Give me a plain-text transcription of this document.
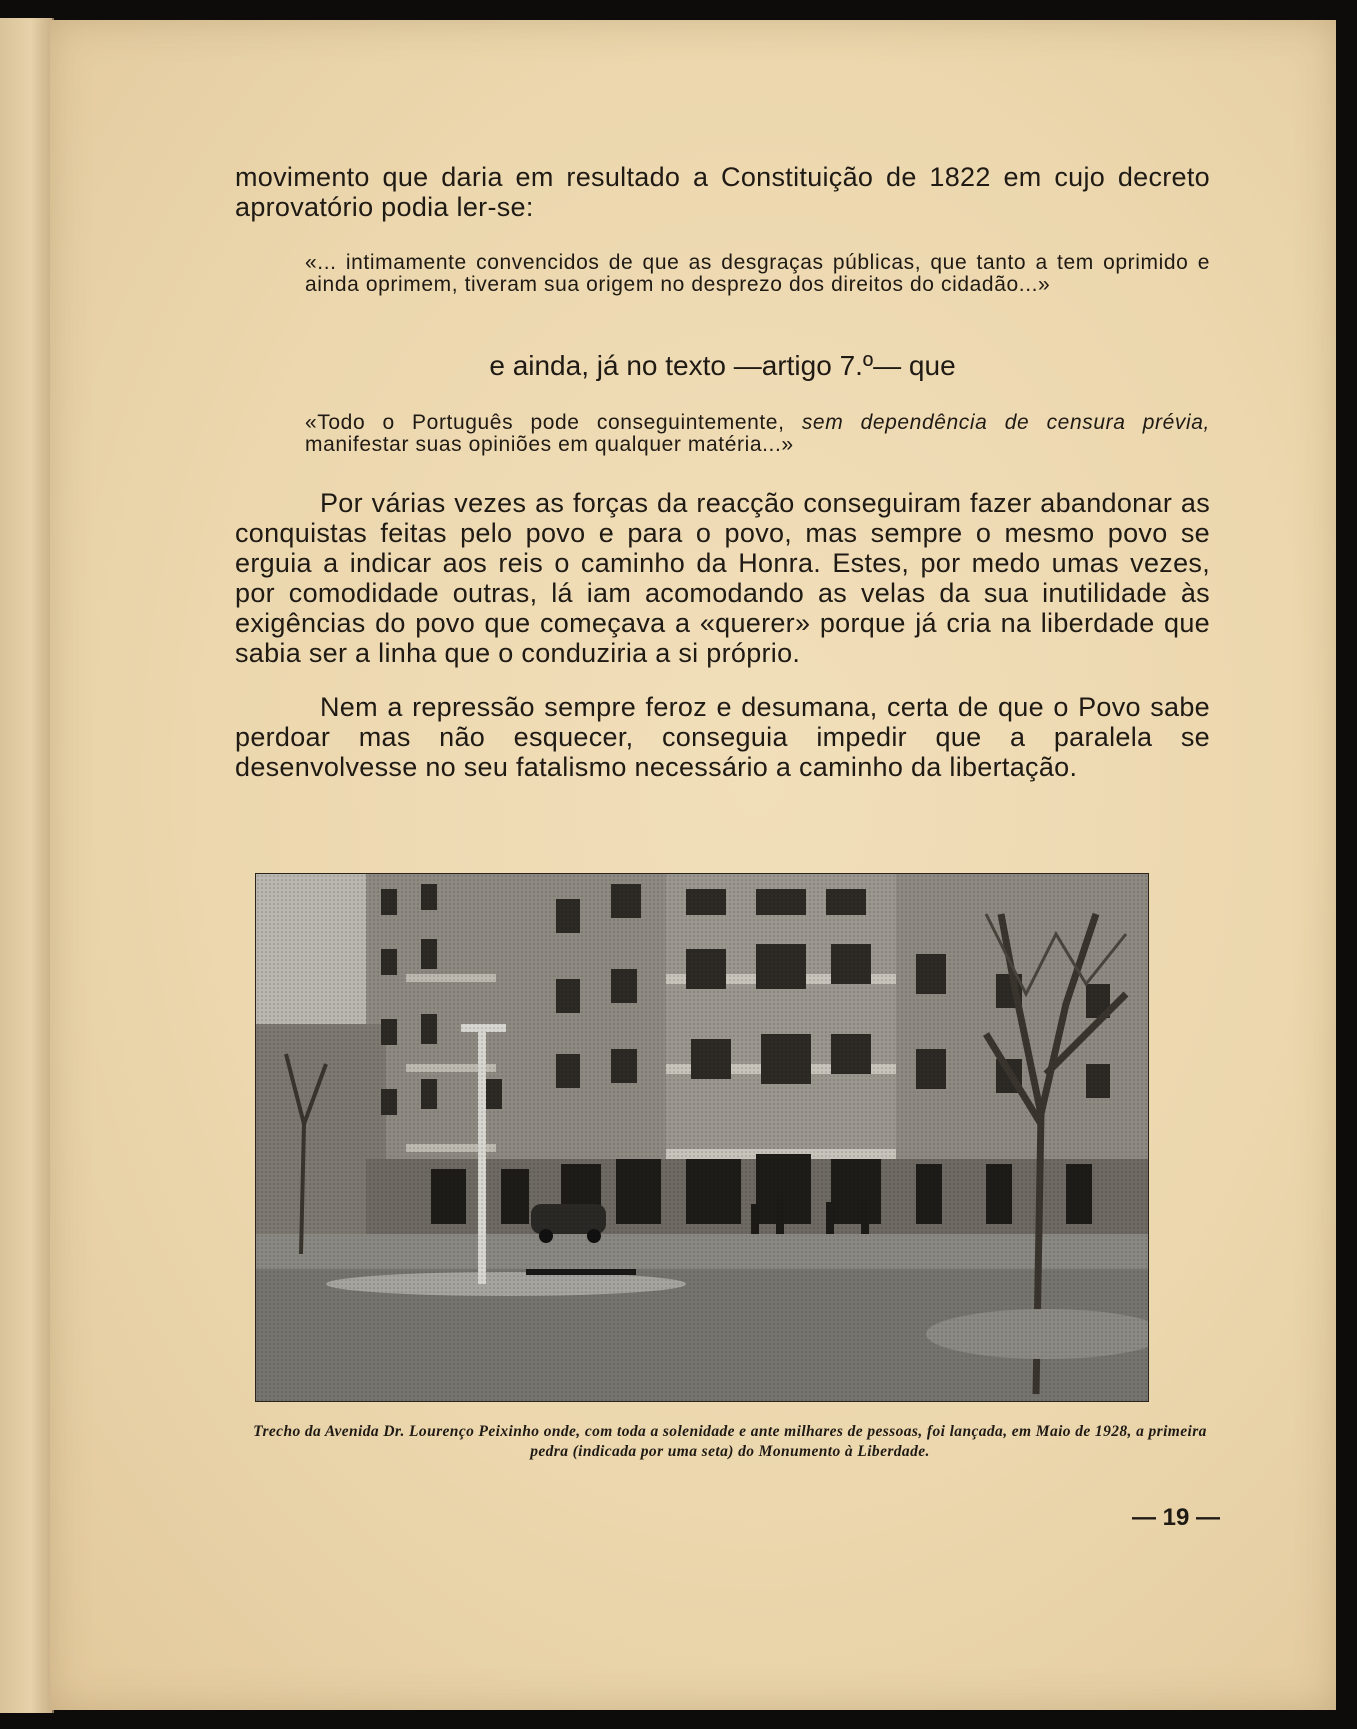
movimento que daria em resultado a Constituição de 1822 em cujo decreto aprovatório podia ler-se:

«... intimamente convencidos de que as desgraças públicas, que tanto a tem oprimido e ainda oprimem, tiveram sua origem no desprezo dos direitos do cidadão...»

e ainda, já no texto —artigo 7.º— que

«Todo o Português pode conseguintemente, sem dependência de censura prévia, manifestar suas opiniões em qualquer matéria...»

Por várias vezes as forças da reacção conseguiram fazer abandonar as conquistas feitas pelo povo e para o povo, mas sempre o mesmo povo se erguia a indicar aos reis o caminho da Honra. Estes, por medo umas vezes, por comodidade outras, lá iam acomodando as velas da sua inutilidade às exigências do povo que começava a «querer» porque já cria na liberdade que sabia ser a linha que o conduziria a si próprio.

Nem a repressão sempre feroz e desumana, certa de que o Povo sabe perdoar mas não esquecer, conseguia impedir que a paralela se desenvolvesse no seu fatalismo necessário a caminho da libertação.

Trecho da Avenida Dr. Lourenço Peixinho onde, com toda a solenidade e ante milhares de pessoas, foi lançada, em Maio de 1928, a primeira pedra (indicada por uma seta) do Monumento à Liberdade.

— 19 —
